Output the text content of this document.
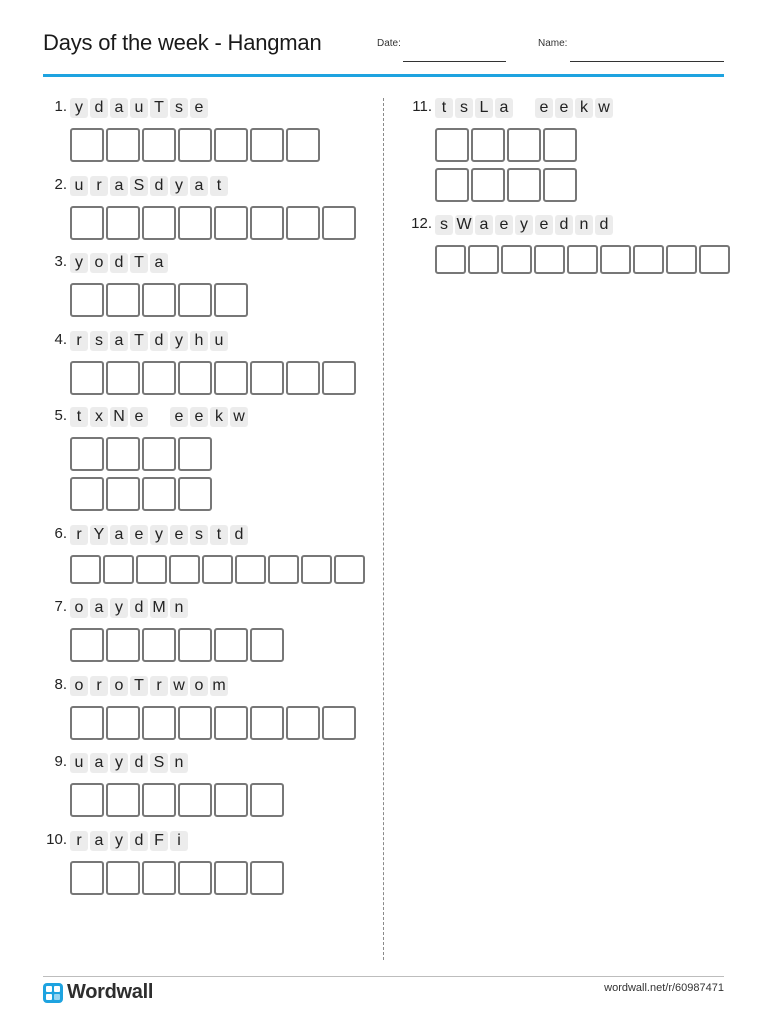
Days of the week - Hangman	Date:	Name:
1. y d a u T s e
2. u r a S d y a t
3. y o d T a
4. r s a T d y h u
5. t x N e e e k w
6. r Y a e y e s t d
7. o a y d M n
8. o r o T r w o m
9. u a y d S n
10. r a y d F i
11. t s L a e e k w
12. s W a e y e d n d
Wordwall	wordwall.net/r/60987471
